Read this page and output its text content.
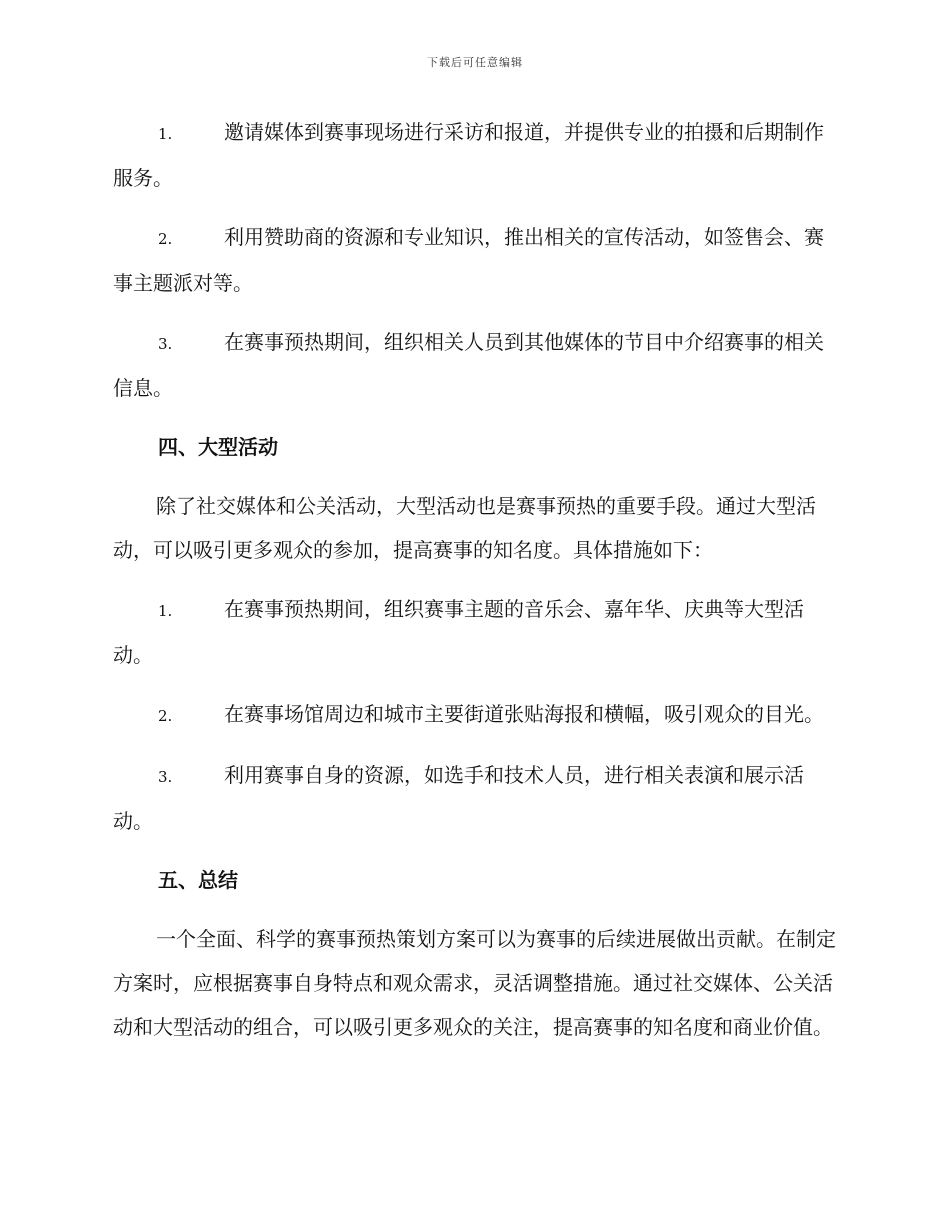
下载后可任意编辑

1.	邀请媒体到赛事现场进行采访和报道，并提供专业的拍摄和后期制作服务。

2.	利用赞助商的资源和专业知识，推出相关的宣传活动，如签售会、赛事主题派对等。

3.	在赛事预热期间，组织相关人员到其他媒体的节目中介绍赛事的相关信息。

四、大型活动

除了社交媒体和公关活动，大型活动也是赛事预热的重要手段。通过大型活动，可以吸引更多观众的参加，提高赛事的知名度。具体措施如下：

1.	在赛事预热期间，组织赛事主题的音乐会、嘉年华、庆典等大型活动。

2.	在赛事场馆周边和城市主要街道张贴海报和横幅，吸引观众的目光。

3.	利用赛事自身的资源，如选手和技术人员，进行相关表演和展示活动。

五、总结

一个全面、科学的赛事预热策划方案可以为赛事的后续进展做出贡献。在制定方案时，应根据赛事自身特点和观众需求，灵活调整措施。通过社交媒体、公关活动和大型活动的组合，可以吸引更多观众的关注，提高赛事的知名度和商业价值。
